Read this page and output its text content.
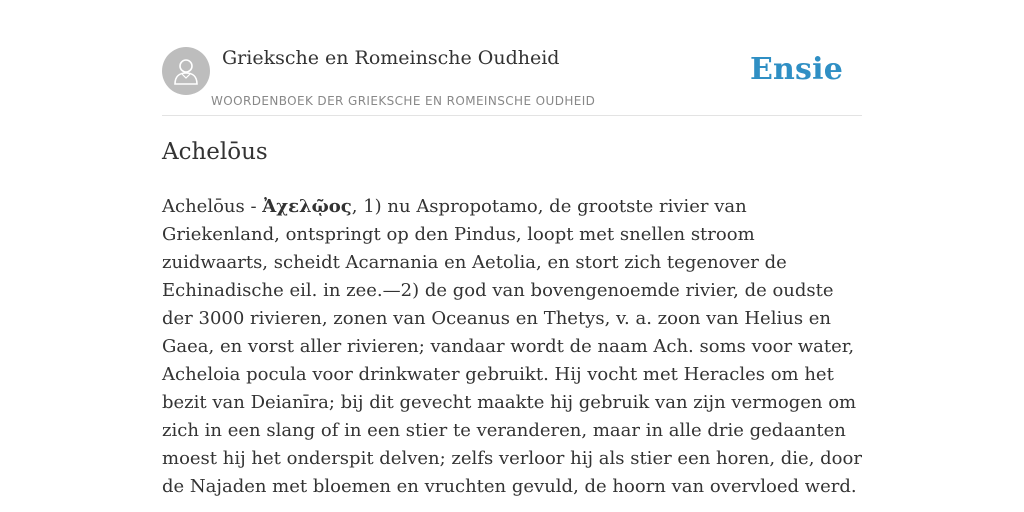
Grieksche en Romeinsche Oudheid
WOORDENBOEK DER GRIEKSCHE EN ROMEINSCHE OUDHEID
Ensie
Achelōus

Achelōus - Ἀχελῷος, 1) nu Aspropotamo, de grootste rivier van Griekenland, ontspringt op den Pindus, loopt met snellen stroom zuidwaarts, scheidt Acarnania en Aetolia, en stort zich tegenover de Echinadische eil. in zee.—2) de god van bovengenoemde rivier, de oudste der 3000 rivieren, zonen van Oceanus en Thetys, v. a. zoon van Helius en Gaea, en vorst aller rivieren; vandaar wordt de naam Ach. soms voor water, Acheloia pocula voor drinkwater gebruikt. Hij vocht met Heracles om het bezit van Deianīra; bij dit gevecht maakte hij gebruik van zijn vermogen om zich in een slang of in een stier te veranderen, maar in alle drie gedaanten moest hij het onderspit delven; zelfs verloor hij als stier een horen, die, door de Najaden met bloemen en vruchten gevuld, de hoorn van overvloed werd.
